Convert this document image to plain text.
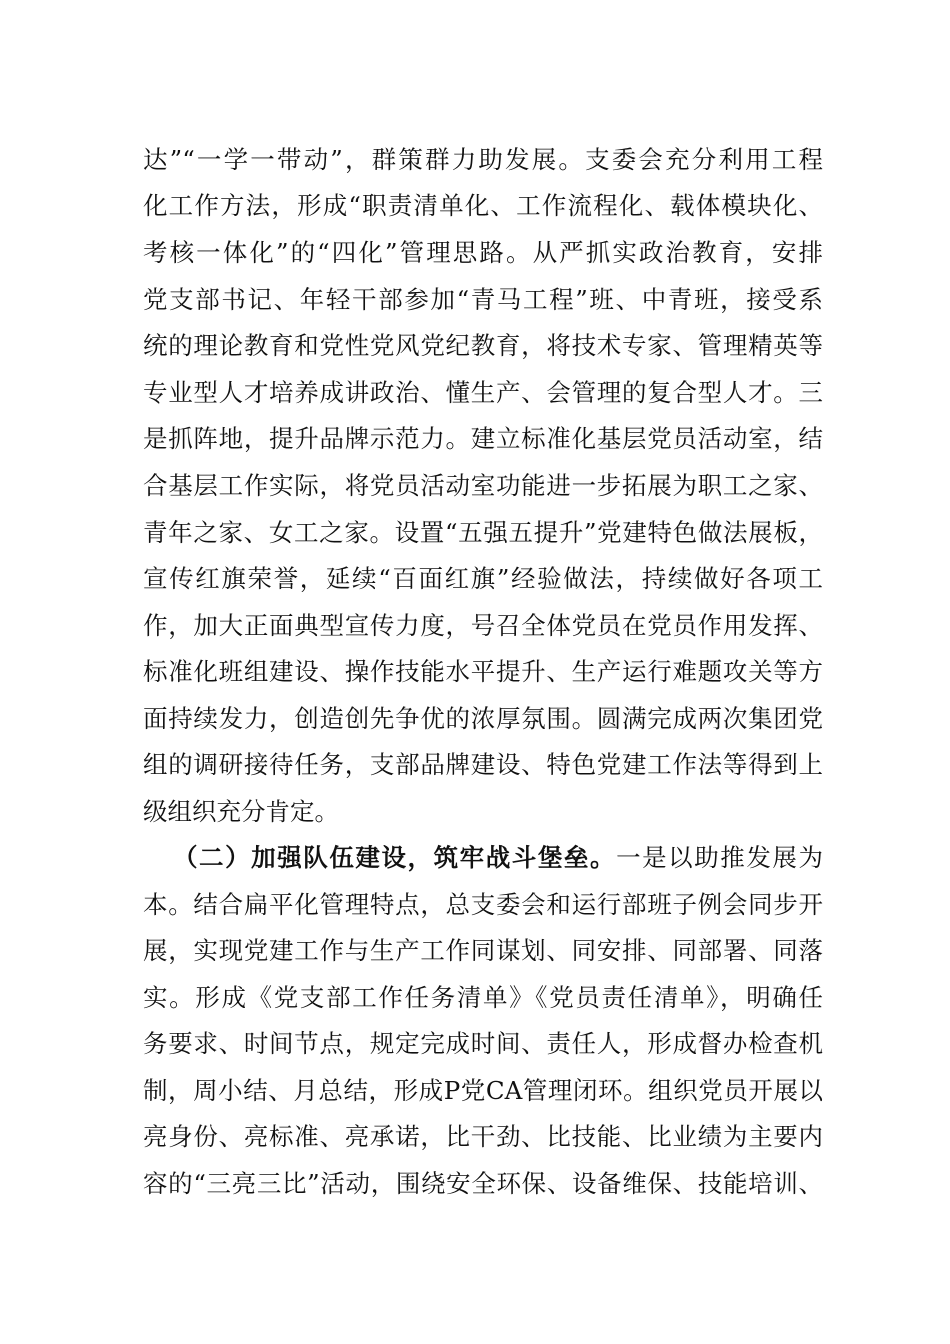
达”“一学一带动”，群策群力助发展。支委会充分利用工程
化工作方法，形成“职责清单化、工作流程化、载体模块化、
考核一体化”的“四化”管理思路。从严抓实政治教育，安排
党支部书记、年轻干部参加“青马工程”班、中青班，接受系
统的理论教育和党性党风党纪教育，将技术专家、管理精英等
专业型人才培养成讲政治、懂生产、会管理的复合型人才。三
是抓阵地，提升品牌示范力。建立标准化基层党员活动室，结
合基层工作实际，将党员活动室功能进一步拓展为职工之家、
青年之家、女工之家。设置“五强五提升”党建特色做法展板，
宣传红旗荣誉，延续“百面红旗”经验做法，持续做好各项工
作，加大正面典型宣传力度，号召全体党员在党员作用发挥、
标准化班组建设、操作技能水平提升、生产运行难题攻关等方
面持续发力，创造创先争优的浓厚氛围。圆满完成两次集团党
组的调研接待任务，支部品牌建设、特色党建工作法等得到上
级组织充分肯定。
（二）加强队伍建设，筑牢战斗堡垒。一是以助推发展为
本。结合扁平化管理特点，总支委会和运行部班子例会同步开
展，实现党建工作与生产工作同谋划、同安排、同部署、同落
实。形成《党支部工作任务清单》《党员责任清单》，明确任
务要求、时间节点，规定完成时间、责任人，形成督办检查机
制，周小结、月总结，形成P党CA管理闭环。组织党员开展以
亮身份、亮标准、亮承诺，比干劲、比技能、比业绩为主要内
容的“三亮三比”活动，围绕安全环保、设备维保、技能培训、
